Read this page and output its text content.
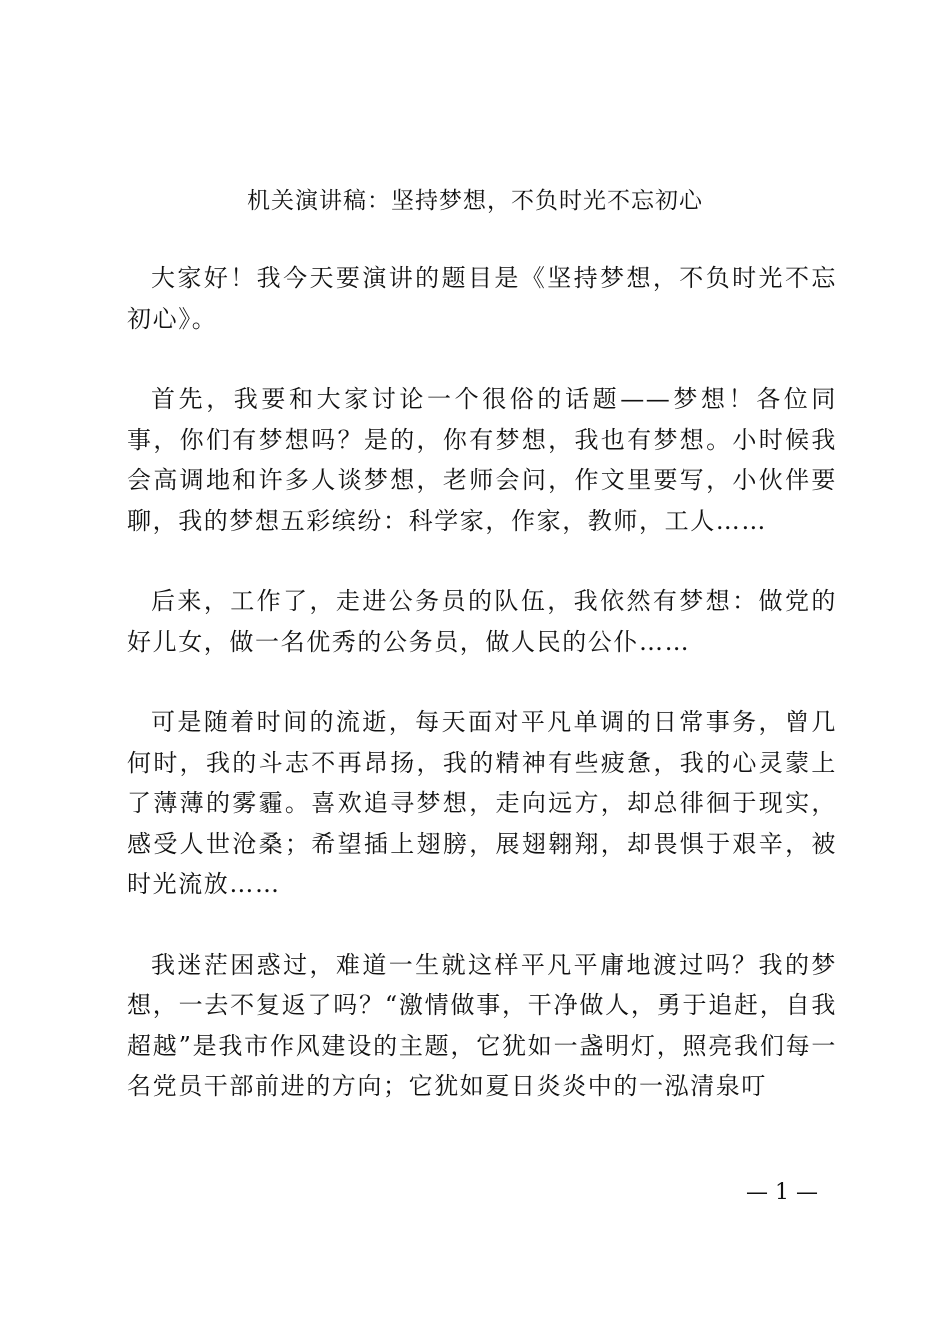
机关演讲稿：坚持梦想，不负时光不忘初心

大家好！我今天要演讲的题目是《坚持梦想，不负时光不忘初心》。

首先，我要和大家讨论一个很俗的话题——梦想！各位同事，你们有梦想吗？是的，你有梦想，我也有梦想。小时候我会高调地和许多人谈梦想，老师会问，作文里要写，小伙伴要聊，我的梦想五彩缤纷：科学家，作家，教师，工人……

后来，工作了，走进公务员的队伍，我依然有梦想：做党的好儿女，做一名优秀的公务员，做人民的公仆……

可是随着时间的流逝，每天面对平凡单调的日常事务，曾几何时，我的斗志不再昂扬，我的精神有些疲惫，我的心灵蒙上了薄薄的雾霾。喜欢追寻梦想，走向远方，却总徘徊于现实，感受人世沧桑；希望插上翅膀，展翅翱翔，却畏惧于艰辛，被时光流放……

我迷茫困惑过，难道一生就这样平凡平庸地渡过吗？我的梦想，一去不复返了吗？“激情做事，干净做人，勇于追赶，自我超越”是我市作风建设的主题，它犹如一盏明灯，照亮我们每一名党员干部前进的方向；它犹如夏日炎炎中的一泓清泉叮

— 1 —
